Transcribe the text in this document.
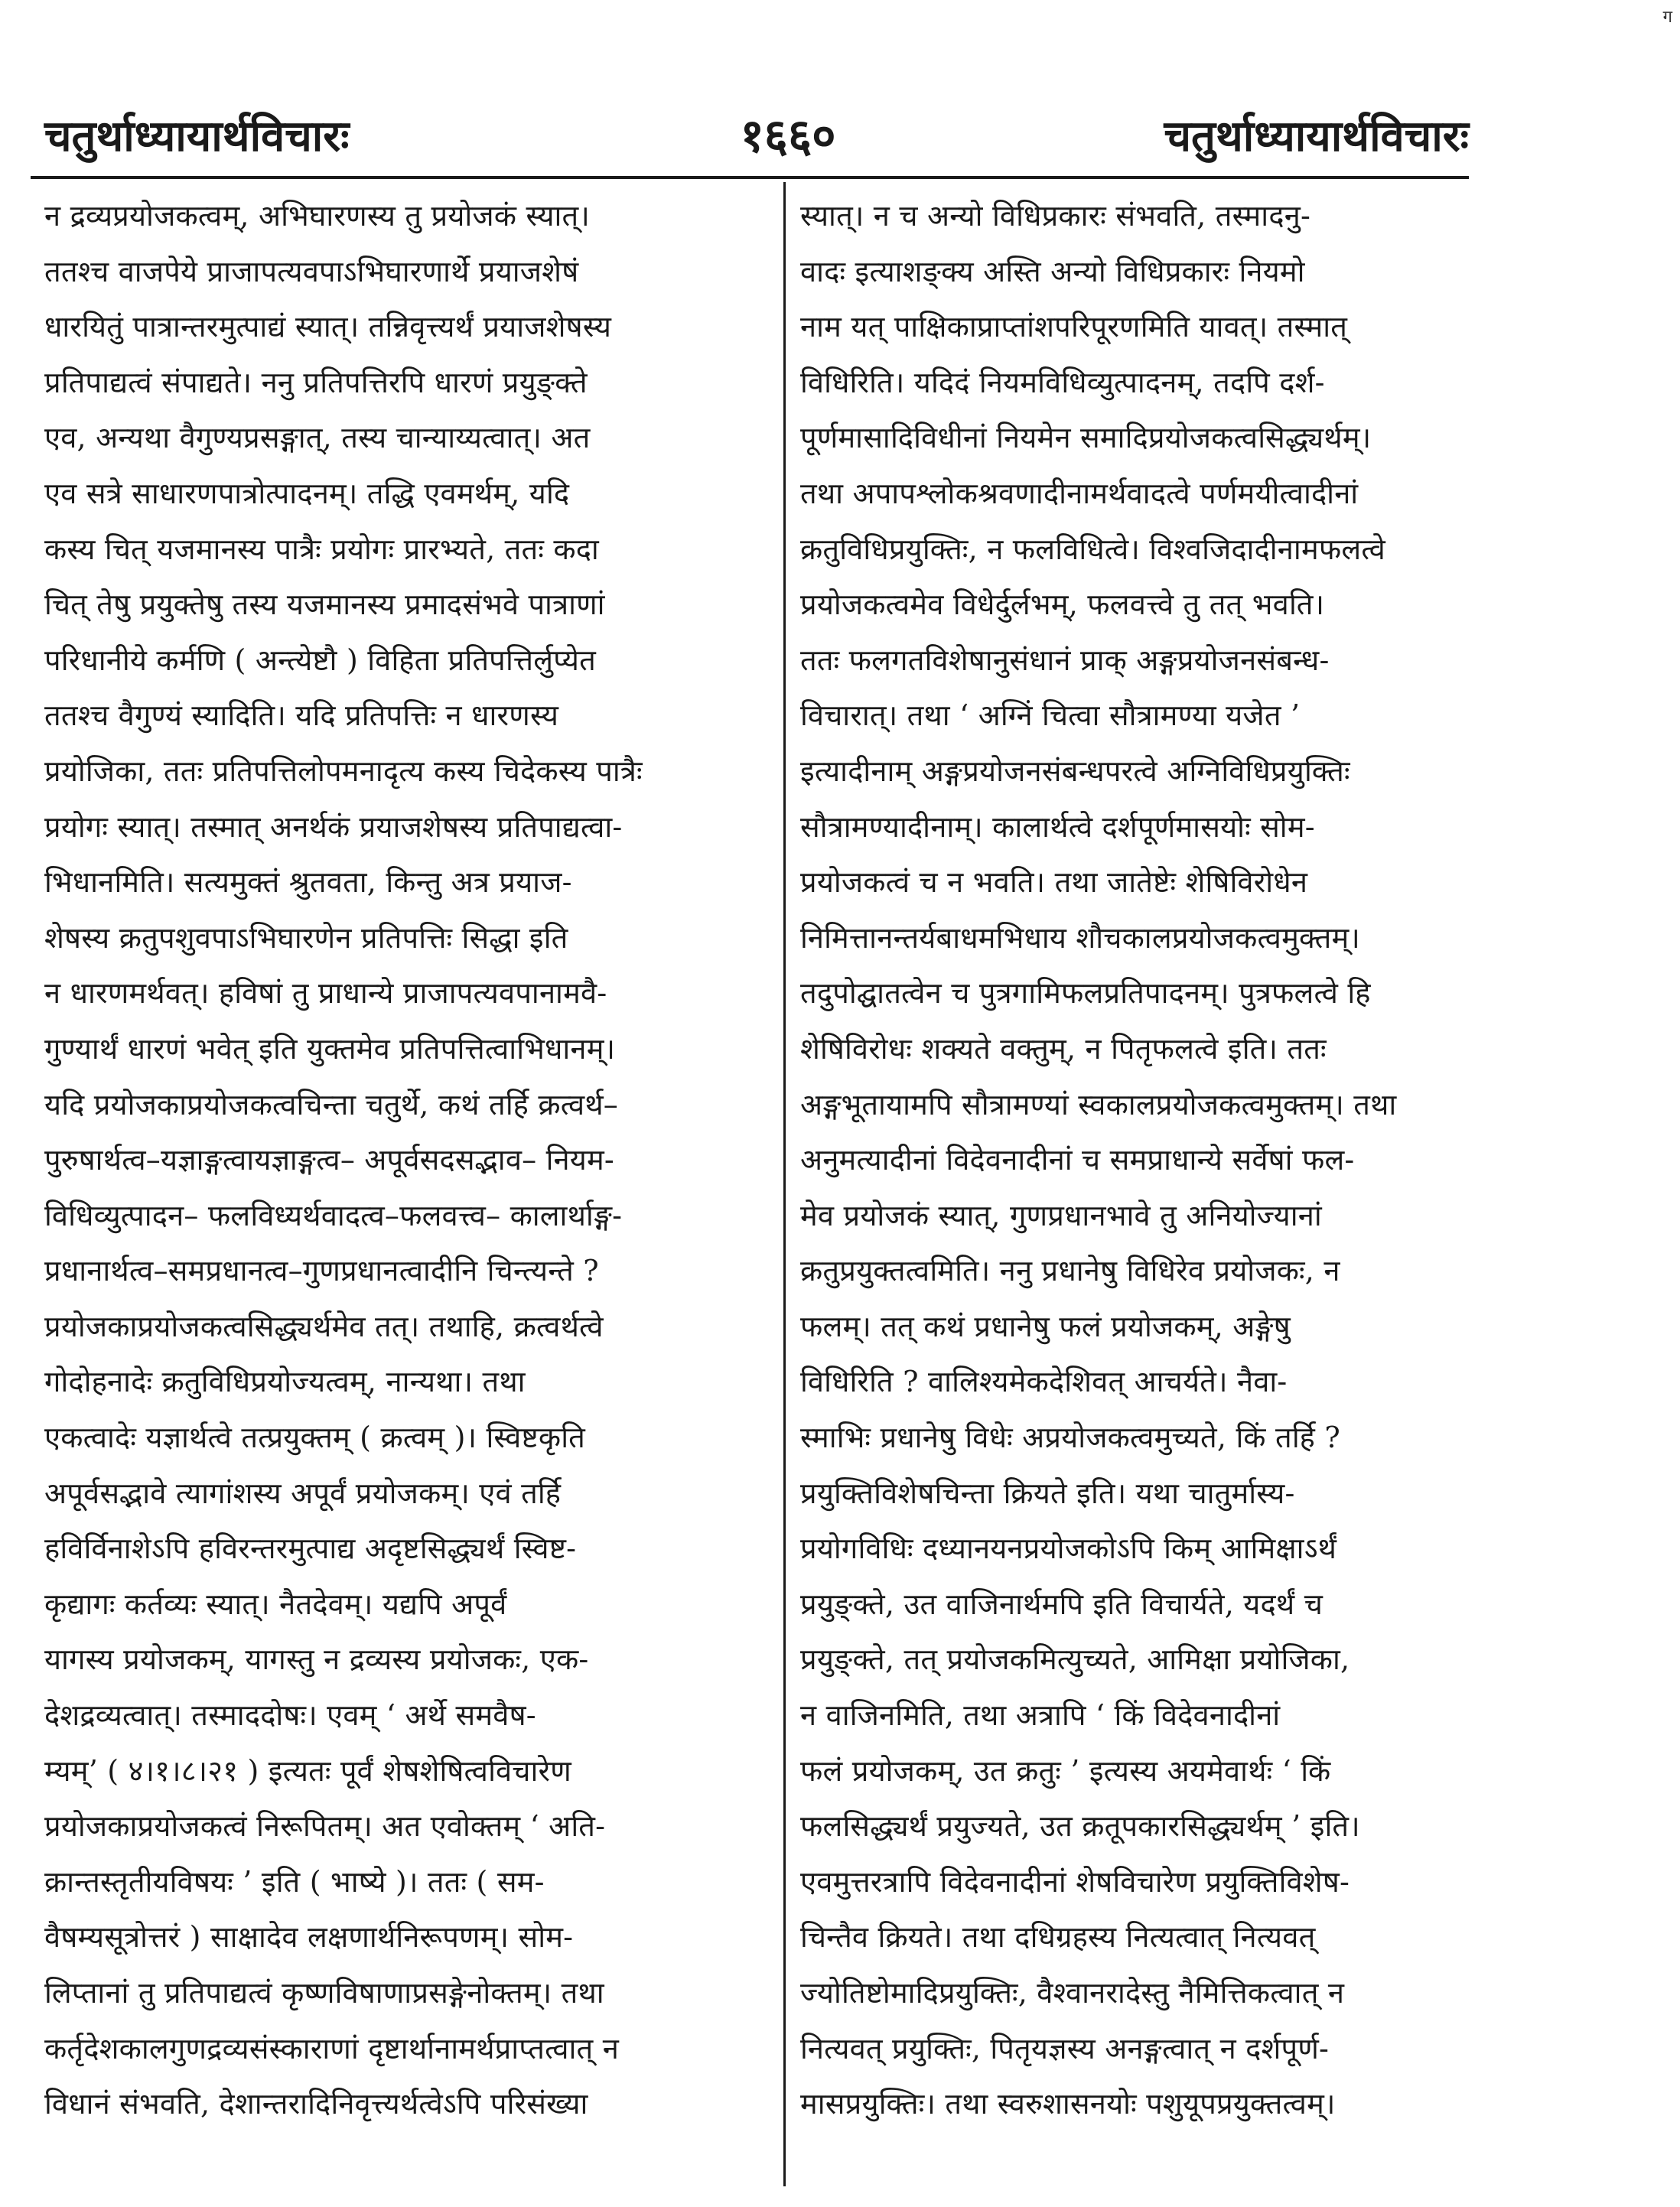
ग
चतुर्थाध्यायार्थविचारः	१६६०	चतुर्थाध्यायार्थविचारः
न द्रव्यप्रयोजकत्वम्, अभिघारणस्य तु प्रयोजकं स्यात्।
ततश्च वाजपेये प्राजापत्यवपाऽभिघारणार्थे प्रयाजशेषं
धारयितुं पात्रान्तरमुत्पाद्यं स्यात्। तन्निवृत्त्यर्थं प्रयाजशेषस्य
प्रतिपाद्यत्वं संपाद्यते। ननु प्रतिपत्तिरपि धारणं प्रयुङ्क्ते
एव, अन्यथा वैगुण्यप्रसङ्गात्, तस्य चान्याय्यत्वात्। अत
एव सत्रे साधारणपात्रोत्पादनम्। तद्धि एवमर्थम्, यदि
कस्य चित् यजमानस्य पात्रैः प्रयोगः प्रारभ्यते, ततः कदा
चित् तेषु प्रयुक्तेषु तस्य यजमानस्य प्रमादसंभवे पात्राणां
परिधानीये कर्मणि ( अन्त्येष्टौ ) विहिता प्रतिपत्तिर्लुप्येत
ततश्च वैगुण्यं स्यादिति। यदि प्रतिपत्तिः न धारणस्य
प्रयोजिका, ततः प्रतिपत्तिलोपमनादृत्य कस्य चिदेकस्य पात्रैः
प्रयोगः स्यात्। तस्मात् अनर्थकं प्रयाजशेषस्य प्रतिपाद्यत्वा-
भिधानमिति। सत्यमुक्तं श्रुतवता, किन्तु अत्र प्रयाज-
शेषस्य क्रतुपशुवपाऽभिघारणेन प्रतिपत्तिः सिद्धा इति
न धारणमर्थवत्। हविषां तु प्राधान्ये प्राजापत्यवपानामवै-
गुण्यार्थं धारणं भवेत् इति युक्तमेव प्रतिपत्तित्वाभिधानम्।
यदि प्रयोजकाप्रयोजकत्वचिन्ता चतुर्थे, कथं तर्हि क्रत्वर्थ–
पुरुषार्थत्व–यज्ञाङ्गत्वायज्ञाङ्गत्व– अपूर्वसदसद्भाव– नियम-
विधिव्युत्पादन– फलविध्यर्थवादत्व–फलवत्त्व– कालार्थाङ्ग-
प्रधानार्थत्व–समप्रधानत्व–गुणप्रधानत्वादीनि चिन्त्यन्ते ?
प्रयोजकाप्रयोजकत्वसिद्ध्यर्थमेव तत्। तथाहि, क्रत्वर्थत्वे
गोदोहनादेः क्रतुविधिप्रयोज्यत्वम्, नान्यथा। तथा
एकत्वादेः यज्ञार्थत्वे तत्प्रयुक्तम् ( क्रत्वम् )। स्विष्टकृति
अपूर्वसद्भावे त्यागांशस्य अपूर्वं प्रयोजकम्। एवं तर्हि
हविर्विनाशेऽपि हविरन्तरमुत्पाद्य अदृष्टसिद्ध्यर्थं स्विष्ट-
कृद्यागः कर्तव्यः स्यात्। नैतदेवम्। यद्यपि अपूर्वं
यागस्य प्रयोजकम्, यागस्तु न द्रव्यस्य प्रयोजकः, एक-
देशद्रव्यत्वात्। तस्माददोषः। एवम् ‘ अर्थे समवैष-
म्यम्’ ( ४।१।८।२१ ) इत्यतः पूर्वं शेषशेषित्वविचारेण
प्रयोजकाप्रयोजकत्वं निरूपितम्। अत एवोक्तम् ‘ अति-
क्रान्तस्तृतीयविषयः ’ इति ( भाष्ये )। ततः ( सम-
वैषम्यसूत्रोत्तरं ) साक्षादेव लक्षणार्थनिरूपणम्। सोम-
लिप्तानां तु प्रतिपाद्यत्वं कृष्णविषाणाप्रसङ्गेनोक्तम्। तथा
कर्तृदेशकालगुणद्रव्यसंस्काराणां दृष्टार्थानामर्थप्राप्तत्वात् न
विधानं संभवति, देशान्तरादिनिवृत्त्यर्थत्वेऽपि परिसंख्या
स्यात्। न च अन्यो विधिप्रकारः संभवति, तस्मादनु-
वादः इत्याशङ्क्य अस्ति अन्यो विधिप्रकारः नियमो
नाम यत् पाक्षिकाप्राप्तांशपरिपूरणमिति यावत्। तस्मात्
विधिरिति। यदिदं नियमविधिव्युत्पादनम्, तदपि दर्श-
पूर्णमासादिविधीनां नियमेन समादिप्रयोजकत्वसिद्ध्यर्थम्।
तथा अपापश्लोकश्रवणादीनामर्थवादत्वे पर्णमयीत्वादीनां
क्रतुविधिप्रयुक्तिः, न फलविधित्वे। विश्वजिदादीनामफलत्वे
प्रयोजकत्वमेव विधेर्दुर्लभम्, फलवत्त्वे तु तत् भवति।
ततः फलगतविशेषानुसंधानं प्राक् अङ्गप्रयोजनसंबन्ध-
विचारात्। तथा ‘ अग्निं चित्वा सौत्रामण्या यजेत ’
इत्यादीनाम् अङ्गप्रयोजनसंबन्धपरत्वे अग्निविधिप्रयुक्तिः
सौत्रामण्यादीनाम्। कालार्थत्वे दर्शपूर्णमासयोः सोम-
प्रयोजकत्वं च न भवति। तथा जातेष्टेः शेषिविरोधेन
निमित्तानन्तर्यबाधमभिधाय शौचकालप्रयोजकत्वमुक्तम्।
तदुपोद्घातत्वेन च पुत्रगामिफलप्रतिपादनम्। पुत्रफलत्वे हि
शेषिविरोधः शक्यते वक्तुम्, न पितृफलत्वे इति। ततः
अङ्गभूतायामपि सौत्रामण्यां स्वकालप्रयोजकत्वमुक्तम्। तथा
अनुमत्यादीनां विदेवनादीनां च समप्राधान्ये सर्वेषां फल-
मेव प्रयोजकं स्यात्, गुणप्रधानभावे तु अनियोज्यानां
क्रतुप्रयुक्तत्वमिति। ननु प्रधानेषु विधिरेव प्रयोजकः, न
फलम्। तत् कथं प्रधानेषु फलं प्रयोजकम्, अङ्गेषु
विधिरिति ? वालिश्यमेकदेशिवत् आचर्यते। नैवा-
स्माभिः प्रधानेषु विधेः अप्रयोजकत्वमुच्यते, किं तर्हि ?
प्रयुक्तिविशेषचिन्ता क्रियते इति। यथा चातुर्मास्य-
प्रयोगविधिः दध्यानयनप्रयोजकोऽपि किम् आमिक्षाऽर्थं
प्रयुङ्क्ते, उत वाजिनार्थमपि इति विचार्यते, यदर्थं च
प्रयुङ्क्ते, तत् प्रयोजकमित्युच्यते, आमिक्षा प्रयोजिका,
न वाजिनमिति, तथा अत्रापि ‘ किं विदेवनादीनां
फलं प्रयोजकम्, उत क्रतुः ’ इत्यस्य अयमेवार्थः ‘ किं
फलसिद्ध्यर्थं प्रयुज्यते, उत क्रतूपकारसिद्ध्यर्थम् ’ इति।
एवमुत्तरत्रापि विदेवनादीनां शेषविचारेण प्रयुक्तिविशेष-
चिन्तैव क्रियते। तथा दधिग्रहस्य नित्यत्वात् नित्यवत्
ज्योतिष्टोमादिप्रयुक्तिः, वैश्वानरादेस्तु नैमित्तिकत्वात् न
नित्यवत् प्रयुक्तिः, पितृयज्ञस्य अनङ्गत्वात् न दर्शपूर्ण-
मासप्रयुक्तिः। तथा स्वरुशासनयोः पशुयूपप्रयुक्तत्वम्।
